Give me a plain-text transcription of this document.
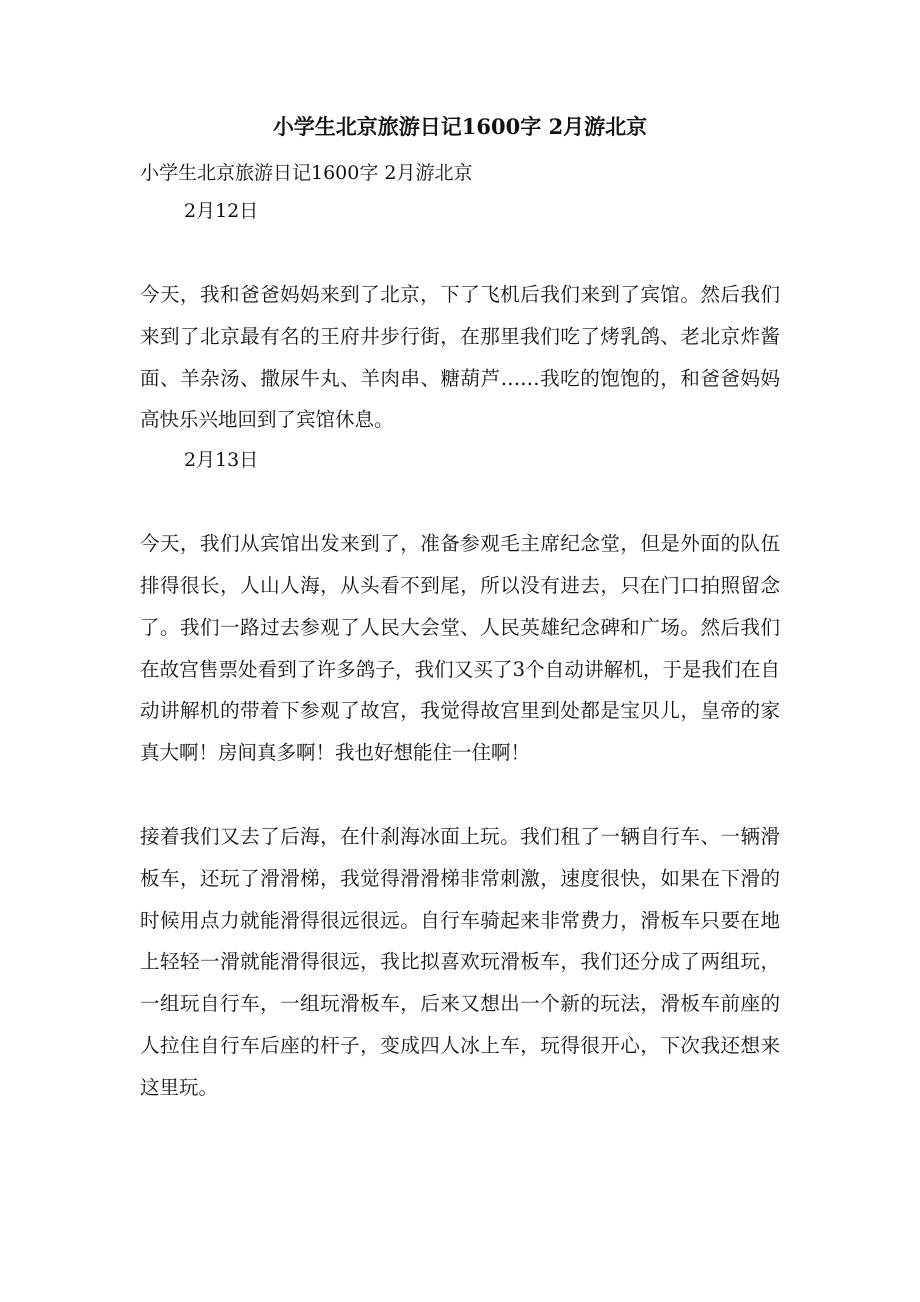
小学生北京旅游日记1600字 2月游北京

小学生北京旅游日记1600字 2月游北京

2月12日

今天，我和爸爸妈妈来到了北京，下了飞机后我们来到了宾馆。然后我们来到了北京最有名的王府井步行街，在那里我们吃了烤乳鸽、老北京炸酱面、羊杂汤、撒尿牛丸、羊肉串、糖葫芦……我吃的饱饱的，和爸爸妈妈高快乐兴地回到了宾馆休息。

2月13日

今天，我们从宾馆出发来到了，准备参观毛主席纪念堂，但是外面的队伍排得很长，人山人海，从头看不到尾，所以没有进去，只在门口拍照留念了。我们一路过去参观了人民大会堂、人民英雄纪念碑和广场。然后我们在故宫售票处看到了许多鸽子，我们又买了3个自动讲解机，于是我们在自动讲解机的带着下参观了故宫，我觉得故宫里到处都是宝贝儿，皇帝的家真大啊！房间真多啊！我也好想能住一住啊！

接着我们又去了后海，在什刹海冰面上玩。我们租了一辆自行车、一辆滑板车，还玩了滑滑梯，我觉得滑滑梯非常刺激，速度很快，如果在下滑的时候用点力就能滑得很远很远。自行车骑起来非常费力，滑板车只要在地上轻轻一滑就能滑得很远，我比拟喜欢玩滑板车，我们还分成了两组玩，一组玩自行车，一组玩滑板车，后来又想出一个新的玩法，滑板车前座的人拉住自行车后座的杆子，变成四人冰上车，玩得很开心，下次我还想来这里玩。
